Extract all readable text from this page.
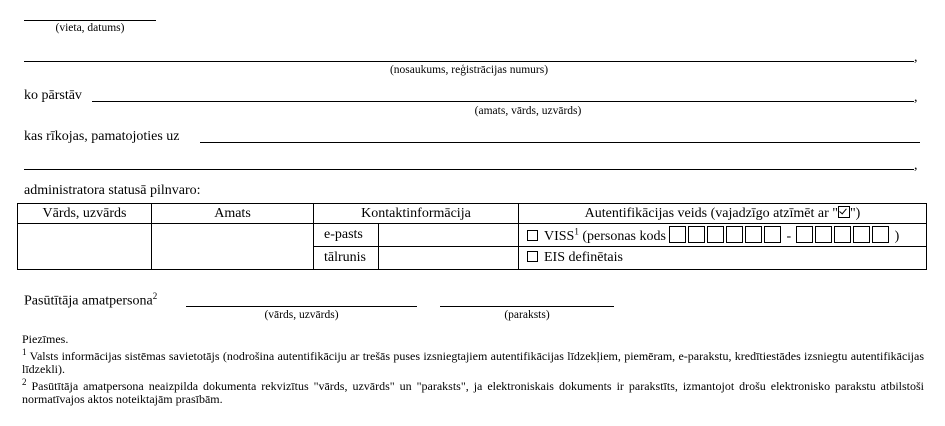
(vieta, datums)
,
(nosaukums, reģistrācijas numurs)
ko pārstāv	,
(amats, vārds, uzvārds)
kas rīkojas, pamatojoties uz
,
administratora statusā pilnvaro:
Vārds, uzvārds	Amats	Kontaktinformācija		Autentifikācijas veids (vajadzīgo atzīmēt ar " ")
		e-pasts		VISS$^1$ (personas kods - )
		tālrunis		EIS definētais
Pasūtītāja amatpersona$^2$
(vārds, uzvārds)	(paraksts)
Piezīmes.
$^1$ Valsts informācijas sistēmas savietotājs (nodrošina autentifikāciju ar trešās puses izsniegtajiem autentifikācijas līdzekļiem, piemēram, e-parakstu, kredītiestādes izsniegtu autentifikācijas līdzekli).
$^2$ Pasūtītāja amatpersona neaizpilda dokumenta rekvizītus "vārds, uzvārds" un "paraksts", ja elektroniskais dokuments ir parakstīts, izmantojot drošu elektronisko parakstu atbilstoši normatīvajos aktos noteiktajām prasībām.
